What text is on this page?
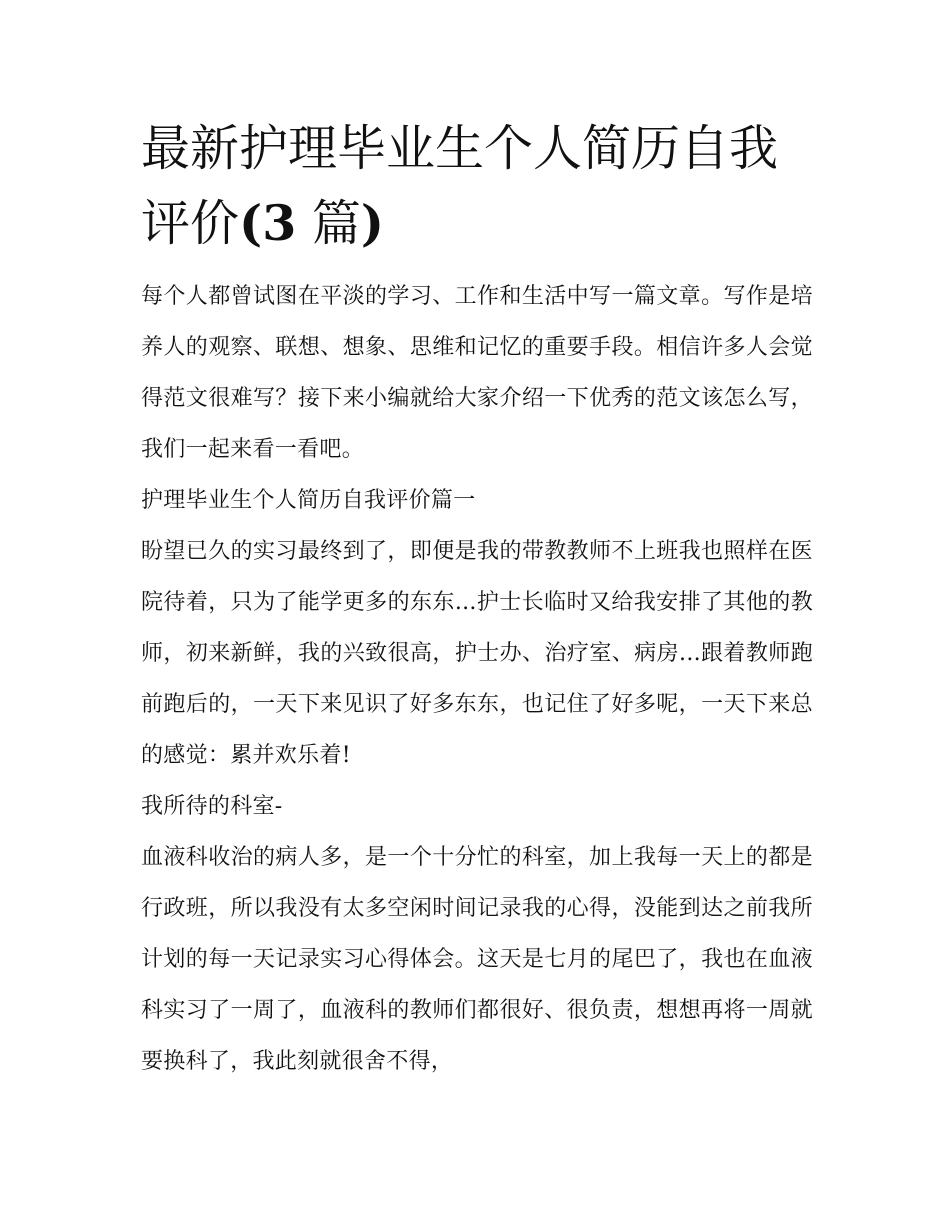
最新护理毕业生个人简历自我
评价(3 篇)

每个人都曾试图在平淡的学习、工作和生活中写一篇文章。写作是培养人的观察、联想、想象、思维和记忆的重要手段。相信许多人会觉得范文很难写？接下来小编就给大家介绍一下优秀的范文该怎么写，我们一起来看一看吧。

护理毕业生个人简历自我评价篇一

盼望已久的实习最终到了，即便是我的带教教师不上班我也照样在医院待着，只为了能学更多的东东...护士长临时又给我安排了其他的教师，初来新鲜，我的兴致很高，护士办、治疗室、病房...跟着教师跑前跑后的，一天下来见识了好多东东，也记住了好多呢，一天下来总的感觉：累并欢乐着!

我所待的科室-

血液科收治的病人多，是一个十分忙的科室，加上我每一天上的都是行政班，所以我没有太多空闲时间记录我的心得，没能到达之前我所计划的每一天记录实习心得体会。这天是七月的尾巴了，我也在血液科实习了一周了，血液科的教师们都很好、很负责，想想再将一周就要换科了，我此刻就很舍不得，
